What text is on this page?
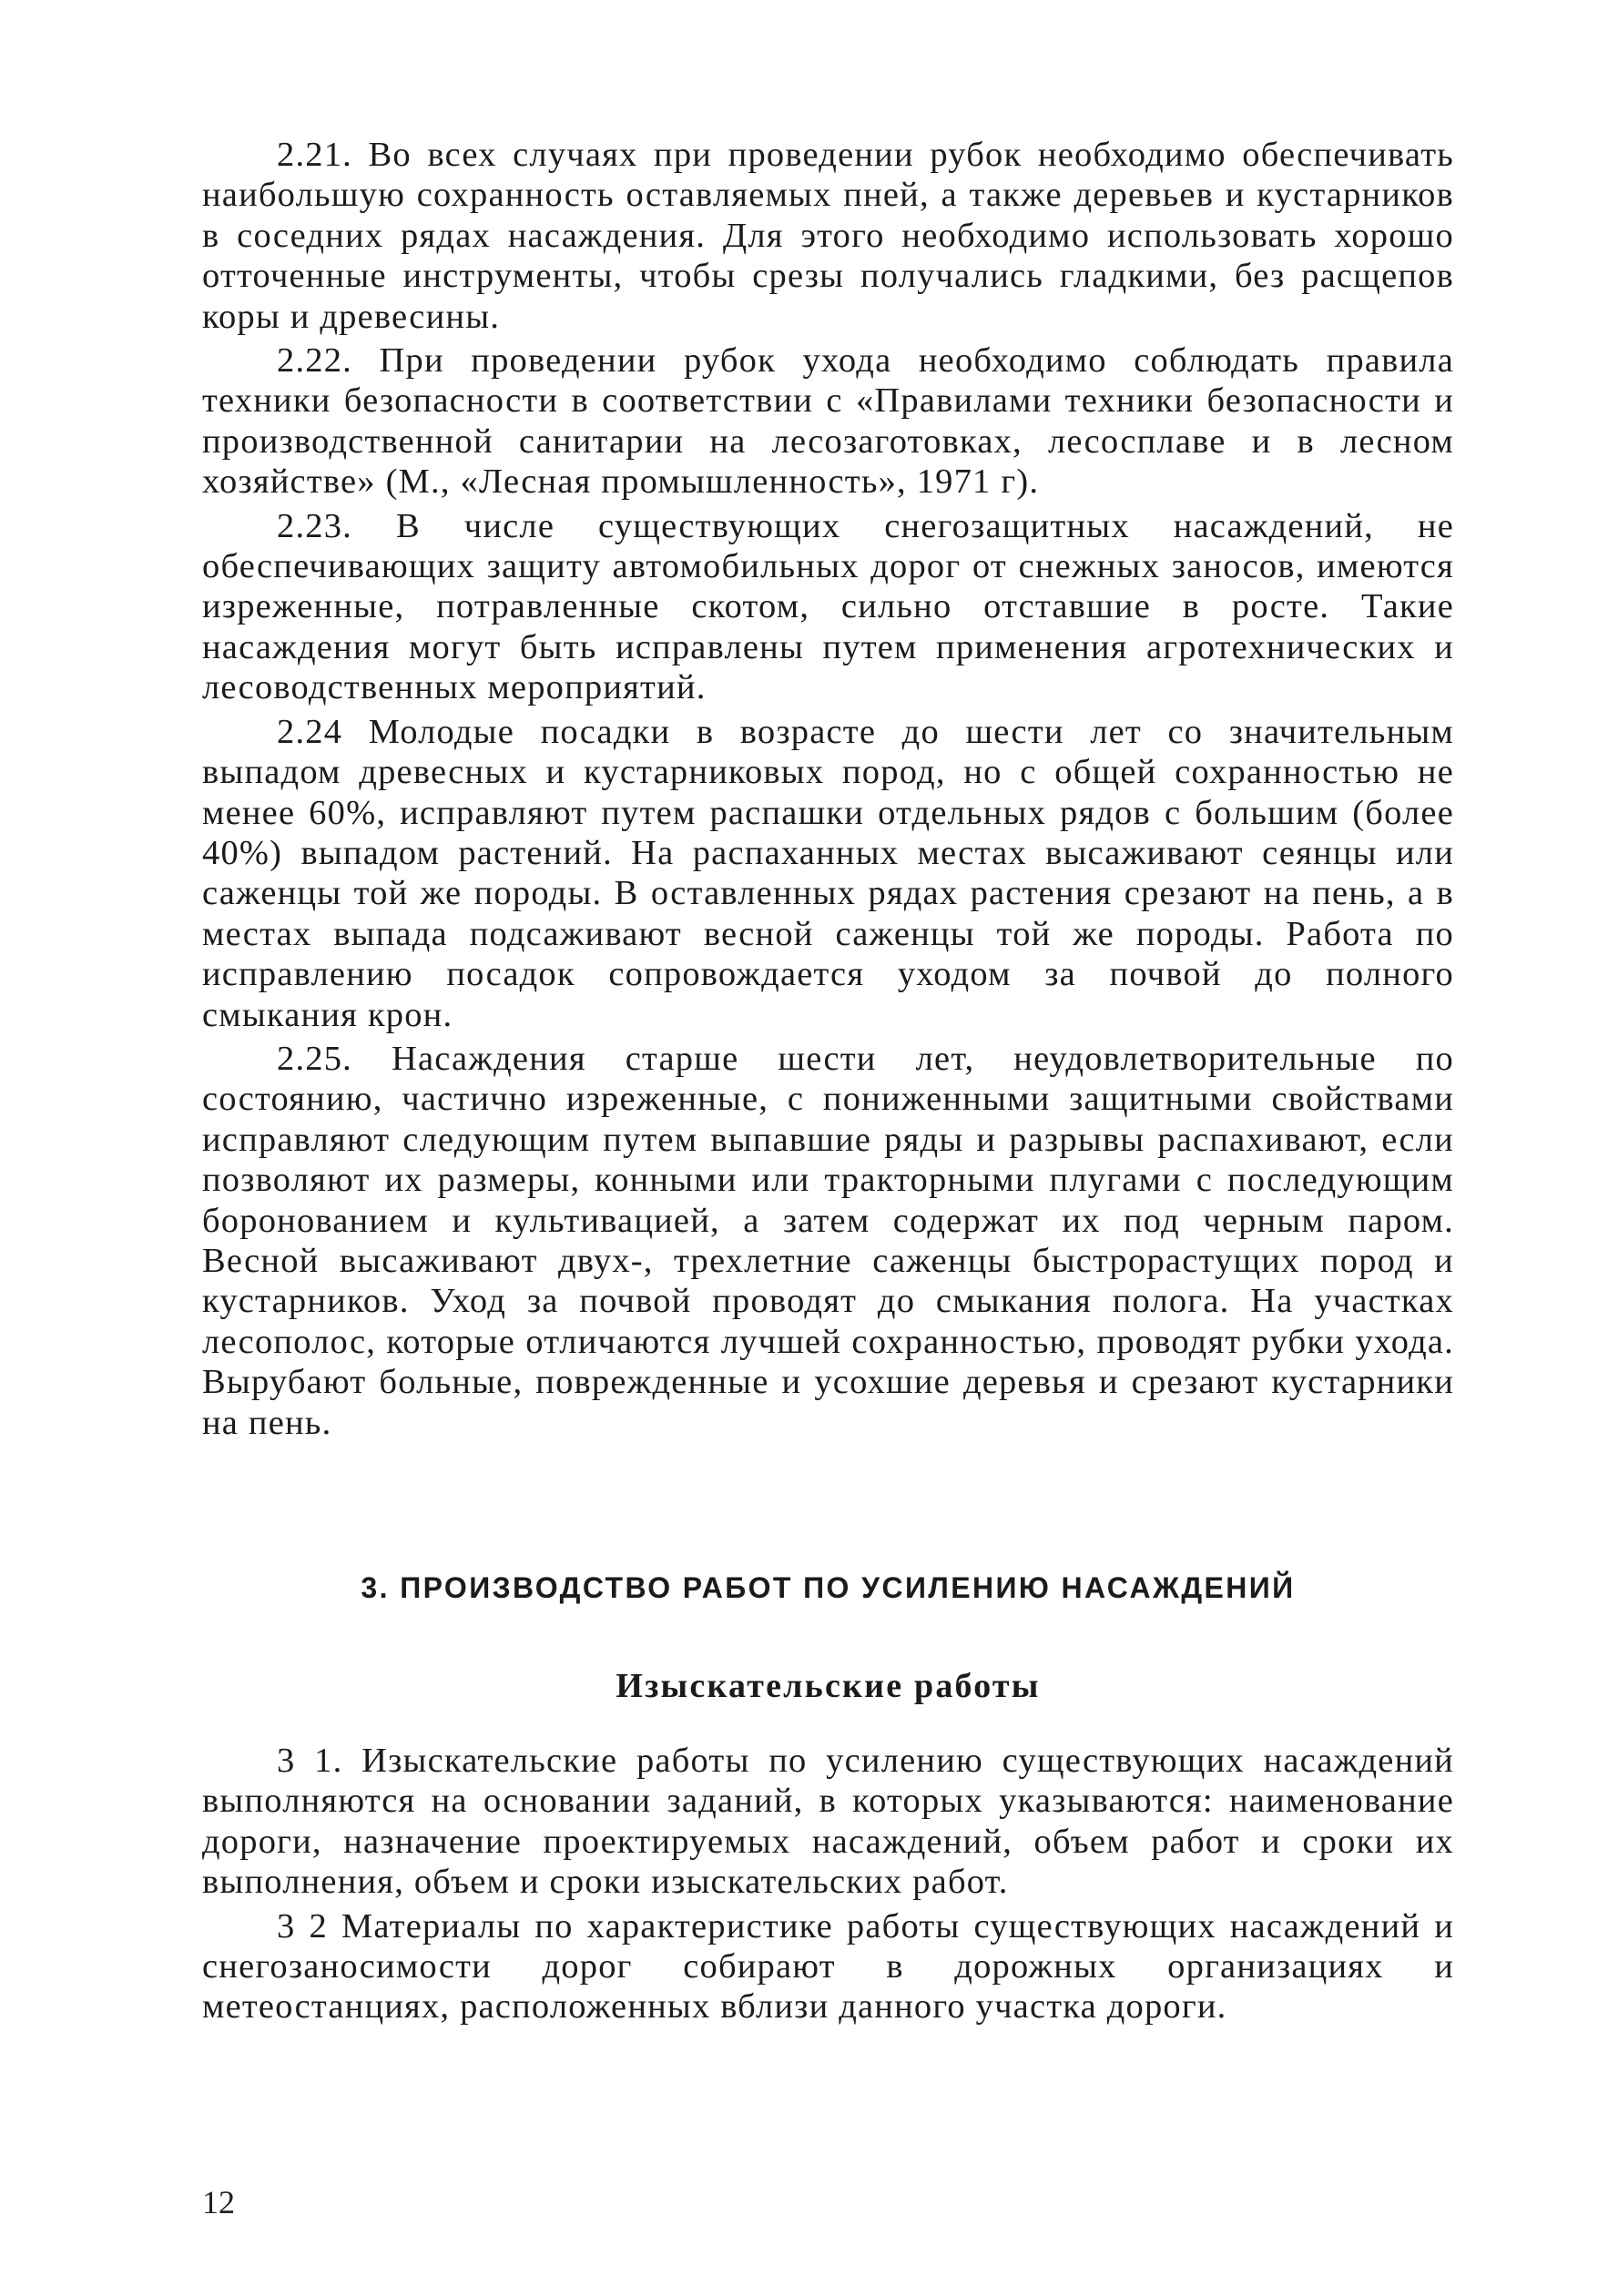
2.21. Во всех случаях при проведении рубок необходимо обеспечивать наибольшую сохранность оставляемых пней, а также деревьев и кустарников в соседних рядах насаждения. Для этого необходимо использовать хорошо отточенные инструменты, чтобы срезы получались гладкими, без расщепов коры и древесины.

2.22. При проведении рубок ухода необходимо соблюдать правила техники безопасности в соответствии с «Правилами техники безопасности и производственной санитарии на лесозаготовках, лесосплаве и в лесном хозяйстве» (М., «Лесная промышленность», 1971 г).

2.23. В числе существующих снегозащитных насаждений, не обеспечивающих защиту автомобильных дорог от снежных заносов, имеются изреженные, потравленные скотом, сильно отставшие в росте. Такие насаждения могут быть исправлены путем применения агротехнических и лесоводственных мероприятий.

2.24 Молодые посадки в возрасте до шести лет со значительным выпадом древесных и кустарниковых пород, но с общей сохранностью не менее 60%, исправляют путем распашки отдельных рядов с большим (более 40%) выпадом растений. На распаханных местах высаживают сеянцы или саженцы той же породы. В оставленных рядах растения срезают на пень, а в местах выпада подсаживают весной саженцы той же породы. Работа по исправлению посадок сопровождается уходом за почвой до полного смыкания крон.

2.25. Насаждения старше шести лет, неудовлетворительные по состоянию, частично изреженные, с пониженными защитными свойствами исправляют следующим путем выпавшие ряды и разрывы распахивают, если позволяют их размеры, конными или тракторными плугами с последующим боронованием и культивацией, а затем содержат их под черным паром. Весной высаживают двух-, трехлетние саженцы быстрорастущих пород и кустарников. Уход за почвой проводят до смыкания полога. На участках лесополос, которые отличаются лучшей сохранностью, проводят рубки ухода. Вырубают больные, поврежденные и усохшие деревья и срезают кустарники на пень.

3. ПРОИЗВОДСТВО РАБОТ ПО УСИЛЕНИЮ НАСАЖДЕНИЙ
Изыскательские работы

3 1. Изыскательские работы по усилению существующих насаждений выполняются на основании заданий, в которых указываются: наименование дороги, назначение проектируемых насаждений, объем работ и сроки их выполнения, объем и сроки изыскательских работ.

3 2 Материалы по характеристике работы существующих насаждений и снегозаносимости дорог собирают в дорожных организациях и метеостанциях, расположенных вблизи данного участка дороги.

12
